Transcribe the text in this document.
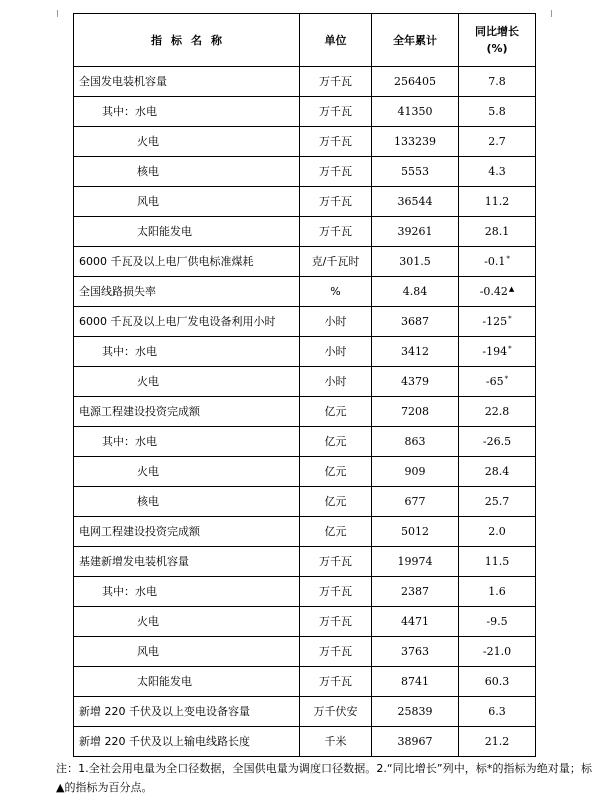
指标名称	单位	全年累计	同比增长
(%)

全国发电装机容量	万千瓦	256405	7.8
其中：水电	万千瓦	41350	5.8
火电	万千瓦	133239	2.7
核电	万千瓦	5553	4.3
风电	万千瓦	36544	11.2
太阳能发电	万千瓦	39261	28.1
6000 千瓦及以上电厂供电标准煤耗	克/千瓦时	301.5	-0.1*
全国线路损失率	%	4.84	-0.42▲
6000 千瓦及以上电厂发电设备利用小时	小时	3687	-125*
其中：水电	小时	3412	-194*
火电	小时	4379	-65*
电源工程建设投资完成额	亿元	7208	22.8
其中：水电	亿元	863	-26.5
火电	亿元	909	28.4
核电	亿元	677	25.7
电网工程建设投资完成额	亿元	5012	2.0
基建新增发电装机容量	万千瓦	19974	11.5
其中：水电	万千瓦	2387	1.6
火电	万千瓦	4471	-9.5
风电	万千瓦	3763	-21.0
太阳能发电	万千瓦	8741	60.3
新增 220 千伏及以上变电设备容量	万千伏安	25839	6.3
新增 220 千伏及以上输电线路长度	千米	38967	21.2
注：1.全社会用电量为全口径数据，全国供电量为调度口径数据。2.“同比增长”列中，标*的指标为绝对量；标▲的指标为百分点。
